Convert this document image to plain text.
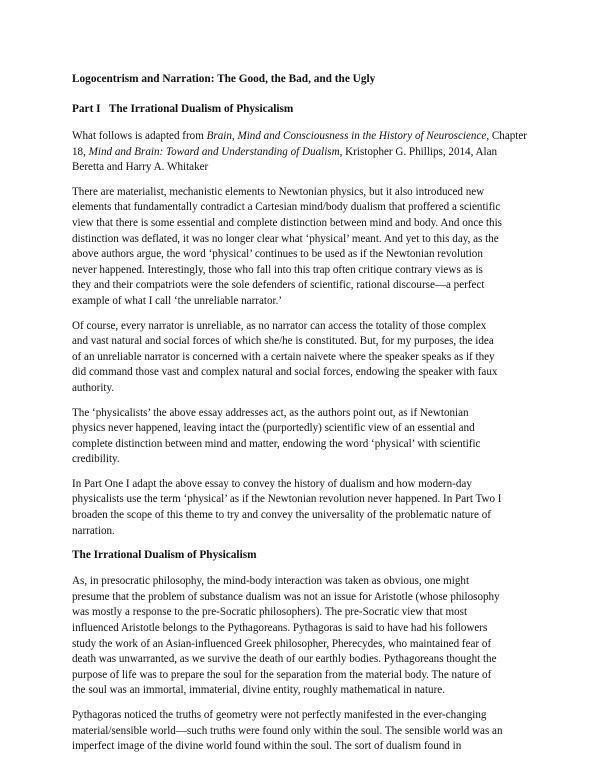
Logocentrism and Narration: The Good, the Bad, and the Ugly
Part I   The Irrational Dualism of Physicalism

What follows is adapted from Brain, Mind and Consciousness in the History of Neuroscience, Chapter 18, Mind and Brain: Toward and Understanding of Dualism, Kristopher G. Phillips, 2014, Alan Beretta and Harry A. Whitaker

There are materialist, mechanistic elements to Newtonian physics, but it also introduced new
elements that fundamentally contradict a Cartesian mind/body dualism that proffered a scientific
view that there is some essential and complete distinction between mind and body. And once this
distinction was deflated, it was no longer clear what ‘physical’ meant. And yet to this day, as the
above authors argue, the word ‘physical’ continues to be used as if the Newtonian revolution
never happened. Interestingly, those who fall into this trap often critique contrary views as is
they and their compatriots were the sole defenders of scientific, rational discourse—a perfect
example of what I call ‘the unreliable narrator.’

Of course, every narrator is unreliable, as no narrator can access the totality of those complex
and vast natural and social forces of which she/he is constituted. But, for my purposes, the idea
of an unreliable narrator is concerned with a certain naivete where the speaker speaks as if they
did command those vast and complex natural and social forces, endowing the speaker with faux
authority.

The ‘physicalists’ the above essay addresses act, as the authors point out, as if Newtonian
physics never happened, leaving intact the (purportedly) scientific view of an essential and
complete distinction between mind and matter, endowing the word ‘physical’ with scientific
credibility.

In Part One I adapt the above essay to convey the history of dualism and how modern-day
physicalists use the term ‘physical’ as if the Newtonian revolution never happened. In Part Two I
broaden the scope of this theme to try and convey the universality of the problematic nature of
narration.

The Irrational Dualism of Physicalism

As, in presocratic philosophy, the mind-body interaction was taken as obvious, one might
presume that the problem of substance dualism was not an issue for Aristotle (whose philosophy
was mostly a response to the pre-Socratic philosophers). The pre-Socratic view that most
influenced Aristotle belongs to the Pythagoreans. Pythagoras is said to have had his followers
study the work of an Asian-influenced Greek philosopher, Pherecydes, who maintained fear of
death was unwarranted, as we survive the death of our earthly bodies. Pythagoreans thought the
purpose of life was to prepare the soul for the separation from the material body. The nature of
the soul was an immortal, immaterial, divine entity, roughly mathematical in nature.

Pythagoras noticed the truths of geometry were not perfectly manifested in the ever-changing
material/sensible world—such truths were found only within the soul. The sensible world was an
imperfect image of the divine world found within the soul. The sort of dualism found in
